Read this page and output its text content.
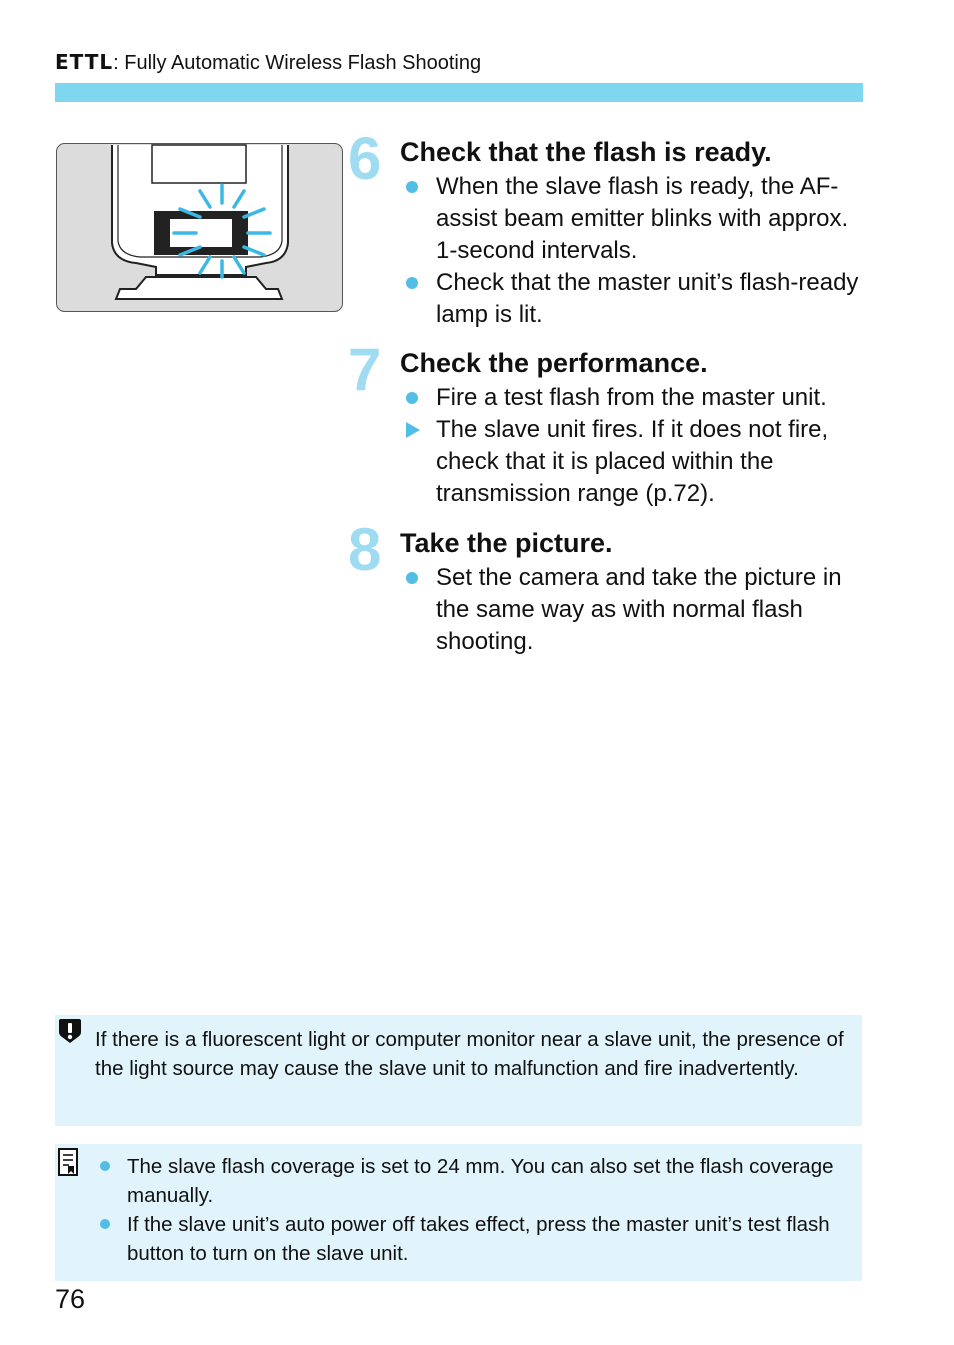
ETTL: Fully Automatic Wireless Flash Shooting
6 Check that the flash is ready.
When the slave flash is ready, the AF-assist beam emitter blinks with approx. 1-second intervals.
Check that the master unit’s flash-ready lamp is lit.
7 Check the performance.
Fire a test flash from the master unit.
The slave unit fires. If it does not fire, check that it is placed within the transmission range (p.72).
8 Take the picture.
Set the camera and take the picture in the same way as with normal flash shooting.
If there is a fluorescent light or computer monitor near a slave unit, the presence of the light source may cause the slave unit to malfunction and fire inadvertently.
The slave flash coverage is set to 24 mm. You can also set the flash coverage manually.
If the slave unit’s auto power off takes effect, press the master unit’s test flash button to turn on the slave unit.
76
